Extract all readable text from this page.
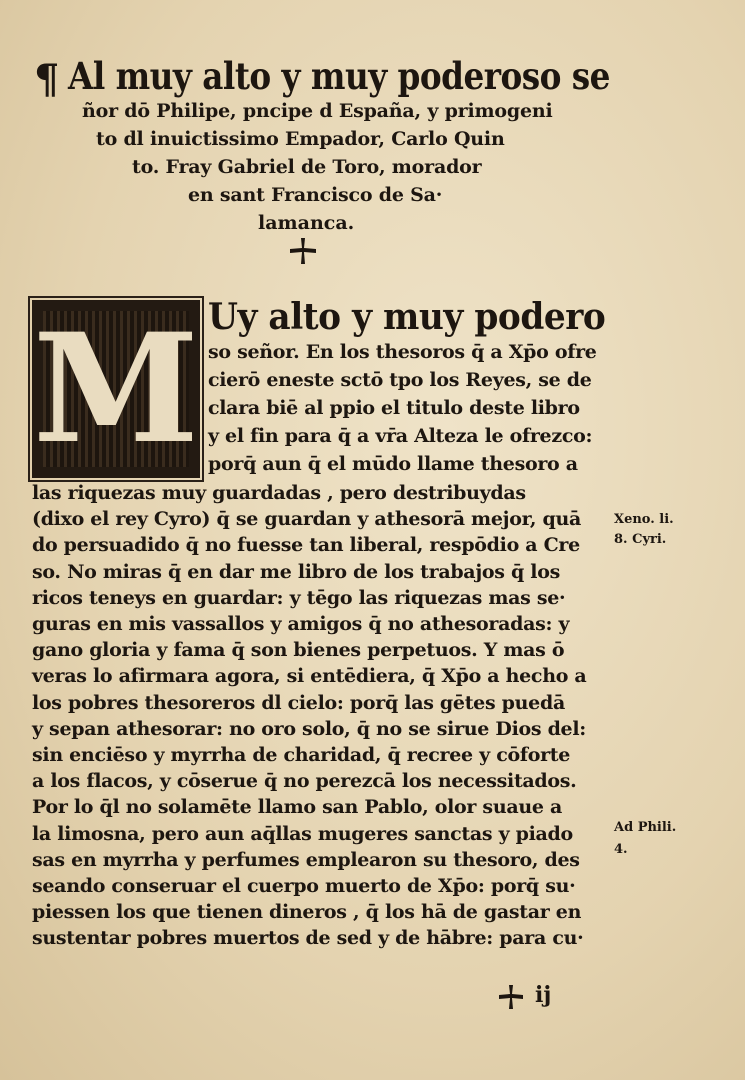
¶ Al muy alto y muy poderoso se
ñor dō Philipe, pncipe d España, y primogeni
to dl inuictissimo Empador, Carlo Quin
to. Fray Gabriel de Toro, morador
en sant Francisco de Sa·
lamanca.
M Uy alto y muy podero
so señor. En los thesoros q̄ a Xp̄o ofre
cierō eneste sctō tpo los Reyes, se de
clara biē al ppio el titulo deste libro
y el fin para q̄ a vr̄a Alteza le ofrezco:
porq̄ aun q̄ el mūdo llame thesoro a
las riquezas muy guardadas , pero destribuydas
(dixo el rey Cyro) q̄ se guardan y athesorā mejor, quā
do persuadido q̄ no fuesse tan liberal, respōdio a Cre
so. No miras q̄ en dar me libro de los trabajos q̄ los
ricos teneys en guardar: y tēgo las riquezas mas se·
guras en mis vassallos y amigos q̄ no athesoradas: y
gano gloria y fama q̄ son bienes perpetuos. Y mas ō
veras lo afirmara agora, si entēdiera, q̄ Xp̄o a hecho a
los pobres thesoreros dl cielo: porq̄ las gētes puedā
y sepan athesorar: no oro solo, q̄ no se sirue Dios del:
sin enciēso y myrrha de charidad, q̄ recree y cōforte
a los flacos, y cōserue q̄ no perezcā los necessitados.
Por lo q̄l no solamēte llamo san Pablo, olor suaue a
la limosna, pero aun aq̄llas mugeres sanctas y piado
sas en myrrha y perfumes emplearon su thesoro, des
seando conseruar el cuerpo muerto de Xp̄o: porq̄ su·
piessen los que tienen dineros , q̄ los hā de gastar en
sustentar pobres muertos de sed y de hābre: para cu·
Xeno. li.
8. Cyri.
Ad Phili.
4.
ij
